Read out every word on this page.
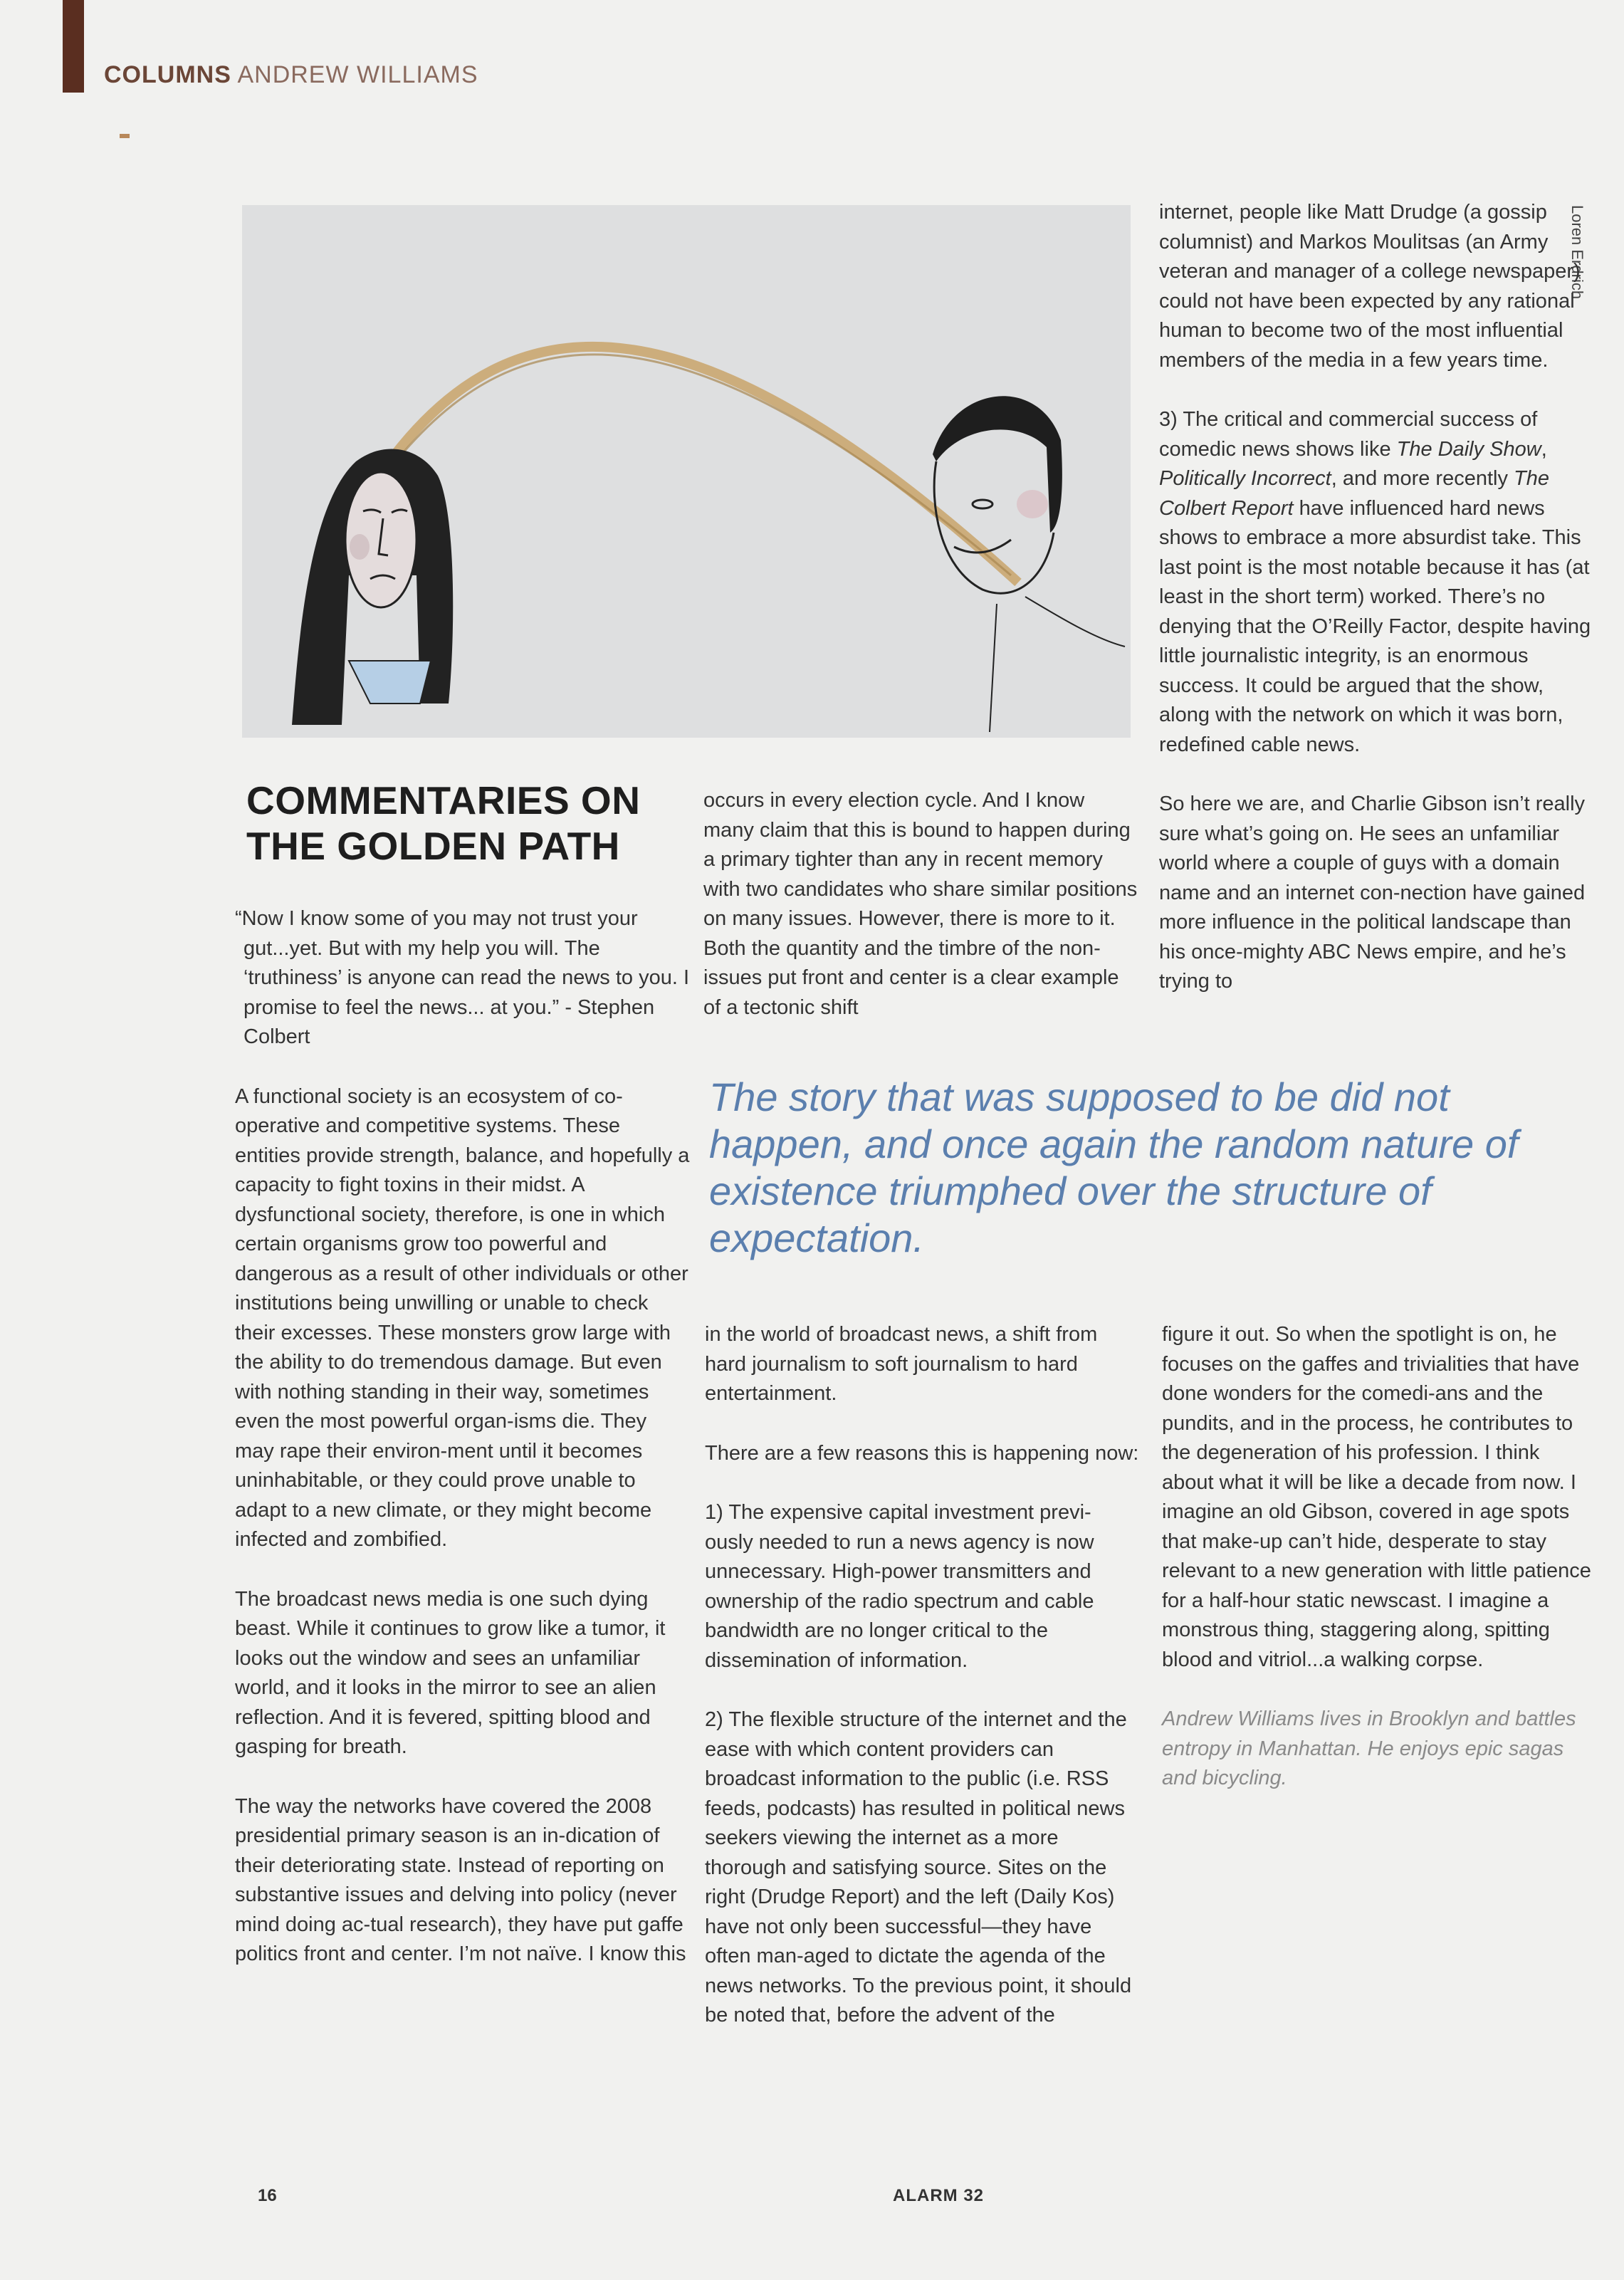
COLUMNS ANDREW WILLIAMS
Loren Erdrich
COMMENTARIES ON THE GOLDEN PATH

“Now I know some of you may not trust your gut...yet. But with my help you will. The ‘truthiness’ is anyone can read the news to you. I promise to feel the news... at you.” - Stephen Colbert

A functional society is an ecosystem of co-operative and competitive systems. These entities provide strength, balance, and hopefully a capacity to fight toxins in their midst. A dysfunctional society, therefore, is one in which certain organisms grow too powerful and dangerous as a result of other individuals or other institutions being unwilling or unable to check their excesses. These monsters grow large with the ability to do tremendous damage. But even with nothing standing in their way, sometimes even the most powerful organ-isms die. They may rape their environ-ment until it becomes uninhabitable, or they could prove unable to adapt to a new climate, or they might become infected and zombified.

The broadcast news media is one such dying beast. While it continues to grow like a tumor, it looks out the window and sees an unfamiliar world, and it looks in the mirror to see an alien reflection. And it is fevered, spitting blood and gasping for breath.

The way the networks have covered the 2008 presidential primary season is an in-dication of their deteriorating state. Instead of reporting on substantive issues and delving into policy (never mind doing ac-tual research), they have put gaffe politics front and center. I’m not naïve. I know this

occurs in every election cycle. And I know many claim that this is bound to happen during a primary tighter than any in recent memory with two candidates who share similar positions on many issues. However, there is more to it. Both the quantity and the timbre of the non-issues put front and center is a clear example of a tectonic shift

The story that was supposed to be did not happen, and once again the random nature of existence triumphed over the structure of expectation.

in the world of broadcast news, a shift from hard journalism to soft journalism to hard entertainment.

There are a few reasons this is happening now:

1) The expensive capital investment previ-ously needed to run a news agency is now unnecessary. High-power transmitters and ownership of the radio spectrum and cable bandwidth are no longer critical to the dissemination of information.

2) The flexible structure of the internet and the ease with which content providers can broadcast information to the public (i.e. RSS feeds, podcasts) has resulted in political news seekers viewing the internet as a more thorough and satisfying source. Sites on the right (Drudge Report) and the left (Daily Kos) have not only been successful—they have often man-aged to dictate the agenda of the news networks. To the previous point, it should be noted that, before the advent of the

internet, people like Matt Drudge (a gossip columnist) and Markos Moulitsas (an Army veteran and manager of a college newspaper) could not have been expected by any rational human to become two of the most influential members of the media in a few years time.

3) The critical and commercial success of comedic news shows like The Daily Show, Politically Incorrect, and more recently The Colbert Report have influenced hard news shows to embrace a more absurdist take. This last point is the most notable because it has (at least in the short term) worked. There’s no denying that the O’Reilly Factor, despite having little journalistic integrity, is an enormous success. It could be argued that the show, along with the network on which it was born, redefined cable news.

So here we are, and Charlie Gibson isn’t really sure what’s going on. He sees an unfamiliar world where a couple of guys with a domain name and an internet con-nection have gained more influence in the political landscape than his once-mighty ABC News empire, and he’s trying to

figure it out. So when the spotlight is on, he focuses on the gaffes and trivialities that have done wonders for the comedi-ans and the pundits, and in the process, he contributes to the degeneration of his profession. I think about what it will be like a decade from now. I imagine an old Gibson, covered in age spots that make-up can’t hide, desperate to stay relevant to a new generation with little patience for a half-hour static newscast. I imagine a monstrous thing, staggering along, spitting blood and vitriol...a walking corpse.

Andrew Williams lives in Brooklyn and battles entropy in Manhattan. He enjoys epic sagas and bicycling.

16	ALARM 32
